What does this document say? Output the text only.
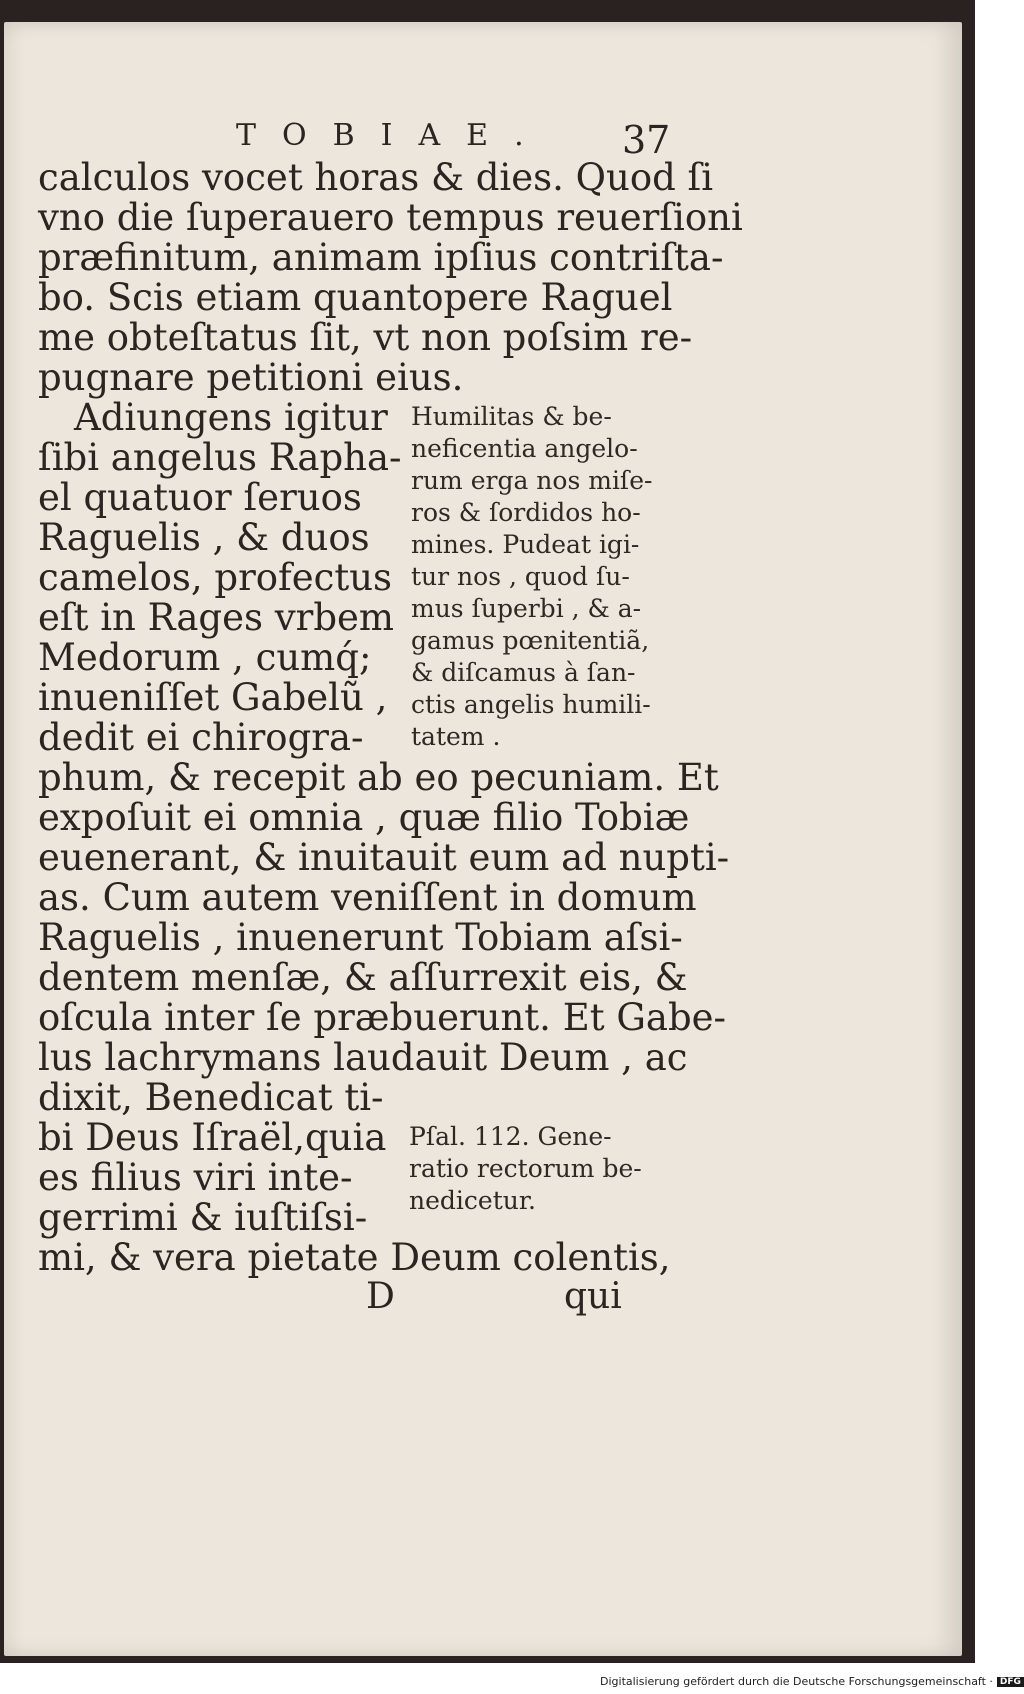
TOBIAE. 37
calculos vocet horas & dies. Quod ſi
vno die ſuperauero tempus reuerſioni
præfinitum, animam ipſius contriſta-
bo. Scis etiam quantopere Raguel
me obteſtatus ſit, vt non poſsim re-
pugnare petitioni eius.
Adiungens igitur
ſibi angelus Rapha-
el quatuor ſeruos
Raguelis , & duos
camelos, profectus
eſt in Rages vrbem
Medorum , cumq́;
inueniſſet Gabelũ ,
dedit ei chirogra-
Humilitas & be-
neficentia angelo-
rum erga nos miſe-
ros & ſordidos ho-
mines. Pudeat igi-
tur nos , quod ſu-
mus ſuperbi , & a-
gamus pœnitentiã,
& diſcamus à ſan-
ctis angelis humili-
tatem .
phum, & recepit ab eo pecuniam. Et
expoſuit ei omnia , quæ filio Tobiæ
euenerant, & inuitauit eum ad nupti-
as. Cum autem veniſſent in domum
Raguelis , inuenerunt Tobiam aſsi-
dentem menſæ, & aſſurrexit eis, &
oſcula inter ſe præbuerunt. Et Gabe-
lus lachrymans laudauit Deum , ac
dixit, Benedicat ti-
bi Deus Iſraël,quia
es filius viri inte-
gerrimi & iuſtiſsi-
Pſal. 112. Gene-
ratio rectorum be-
nedicetur.
mi, & vera pietate Deum colentis,
D	qui
Digitalisierung gefördert durch die Deutsche Forschungsgemeinschaft · DFG
